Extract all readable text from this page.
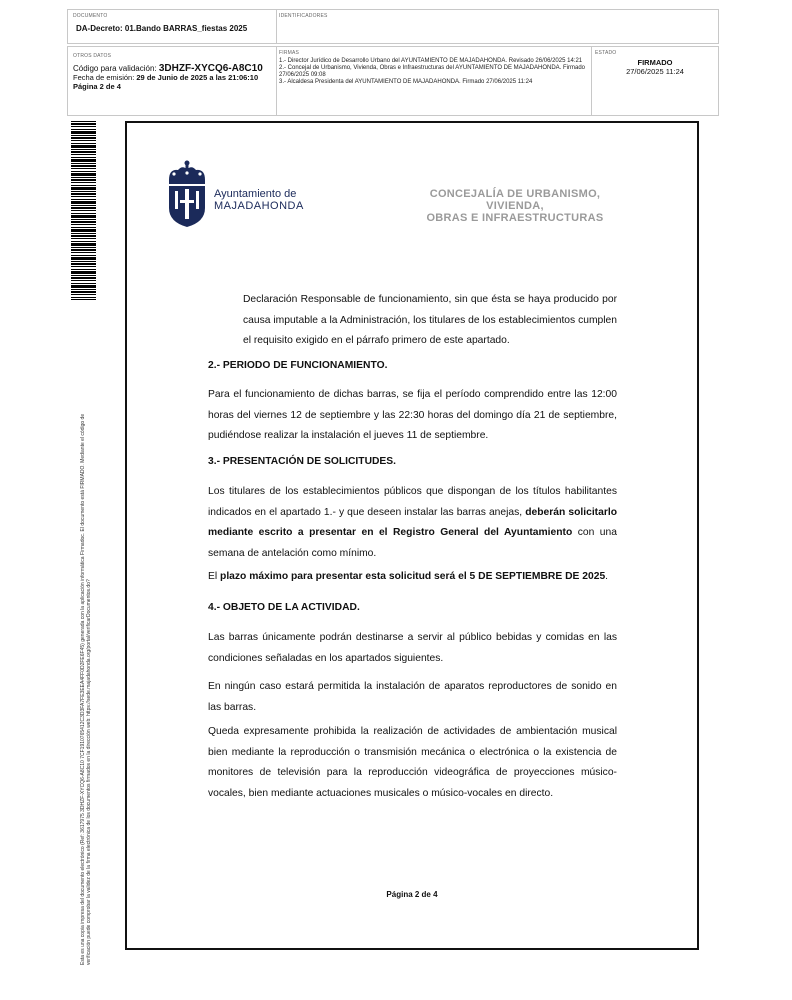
DOCUMENTO
DA-Decreto: 01.Bando BARRAS_fiestas 2025
IDENTIFICADORES
OTROS DATOS
Código para validación: 3DHZF-XYCQ6-A8C10
Fecha de emisión: 29 de Junio de 2025 a las 21:06:10
Página 2 de 4
FIRMAS
1.- Director Jurídico de Desarrollo Urbano del AYUNTAMIENTO DE MAJADAHONDA. Revisado 26/06/2025 14:21
2.- Concejal de Urbanismo, Vivienda, Obras e Infraestructuras del AYUNTAMIENTO DE MAJADAHONDA. Firmado 27/06/2025 09:08
3.- Alcaldesa Presidenta del AYUNTAMIENTO DE MAJADAHONDA. Firmado 27/06/2025 11:24
ESTADO
FIRMADO
27/06/2025 11:24
Esta es una copia impresa del documento electrónico (Ref: 3617975 3DHZF-XYCQ6-A8C10 7CF1910765412C3D3FA7FE3EEA4FF0D2FE6F45) generada con la aplicación informática Firmadoc. El documento está FIRMADO. Mediante el código de verificación puede comprobar la validez de la firma electrónica de los documentos firmados en la dirección web: https://sede.majadahonda.org/portal/verificarDocumentos.do?
Ayuntamiento de
MAJADAHONDA
CONCEJALÍA DE URBANISMO, VIVIENDA,
OBRAS E INFRAESTRUCTURAS
Declaración Responsable de funcionamiento, sin que ésta se haya producido por causa imputable a la Administración, los titulares de los establecimientos cumplen el requisito exigido en el párrafo primero de este apartado.
2.- PERIODO DE FUNCIONAMIENTO.
Para el funcionamiento de dichas barras, se fija el período comprendido entre las 12:00 horas del viernes 12 de septiembre y las 22:30 horas del domingo día 21 de septiembre, pudiéndose realizar la instalación el jueves 11 de septiembre.
3.- PRESENTACIÓN DE SOLICITUDES.
Los titulares de los establecimientos públicos que dispongan de los títulos habilitantes indicados en el apartado 1.- y que deseen instalar las barras anejas, deberán solicitarlo mediante escrito a presentar en el Registro General del Ayuntamiento con una semana de antelación como mínimo.
El plazo máximo para presentar esta solicitud será el 5 DE SEPTIEMBRE DE 2025.
4.- OBJETO DE LA ACTIVIDAD.
Las barras únicamente podrán destinarse a servir al público bebidas y comidas en las condiciones señaladas en los apartados siguientes.
En ningún caso estará permitida la instalación de aparatos reproductores de sonido en las barras.
Queda expresamente prohibida la realización de actividades de ambientación musical bien mediante la reproducción o transmisión mecánica o electrónica o la existencia de monitores de televisión para la reproducción videográfica de proyecciones músico-vocales, bien mediante actuaciones musicales o músico-vocales en directo.
Página 2 de 4
